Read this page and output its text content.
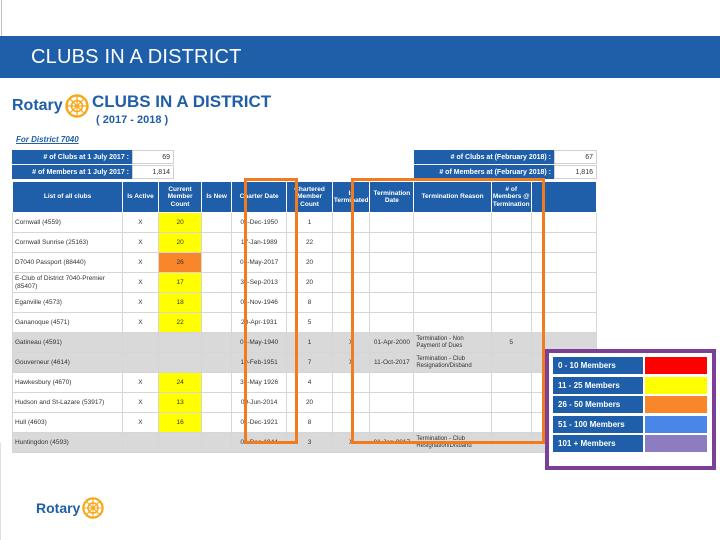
CLUBS IN A DISTRICT
Rotary CLUBS IN A DISTRICT
( 2017 - 2018 )
For District 7040
# of Clubs at 1 July 2017 :	69	# of Clubs at (February 2018) :	67
# of Members at 1 July 2017 :	1,814	# of Members at (February 2018) :	1,816
List of all clubs	Is Active	Current Member Count	Is New	Charter Date	Chartered Member Count	Is Terminated	Termination Date	Termination Reason	# of Members @ Termination	
Cornwall (4559)	X	20		04-Dec-1950	1					
Cornwall Sunrise (25163)	X	20		17-Jan-1989	22					
D7040 Passport (88440)	X	26		05-May-2017	20					
E-Club of District 7040-Premier (85407)	X	17		30-Sep-2013	20					
Eganville (4573)	X	18		06-Nov-1946	8					
Gananoque (4571)	X	22		28-Apr-1931	5					
Gatineau (4591)				03-May-1940	1	X	01-Apr-2000	Termination - Non Payment of Dues	5	
Gouverneur (4614)				19-Feb-1951	7	X	11-Oct-2017	Termination - Club Resignation/Disband		
Hawkesbury (4670)	X	24		31-May 1926	4					
Hudson and St-Lazare (53917)	X	13		09-Jun-2014	20					
Hull (4603)	X	16		01-Dec-1921	8					
Huntingdon (4593)				01-Dec-1944	3	X	01-Jan-2017	Termination - Club Resignation/Disband		
0 - 10 Members
11 - 25 Members
26 - 50 Members
51 - 100 Members
101 + Members
Rotary
